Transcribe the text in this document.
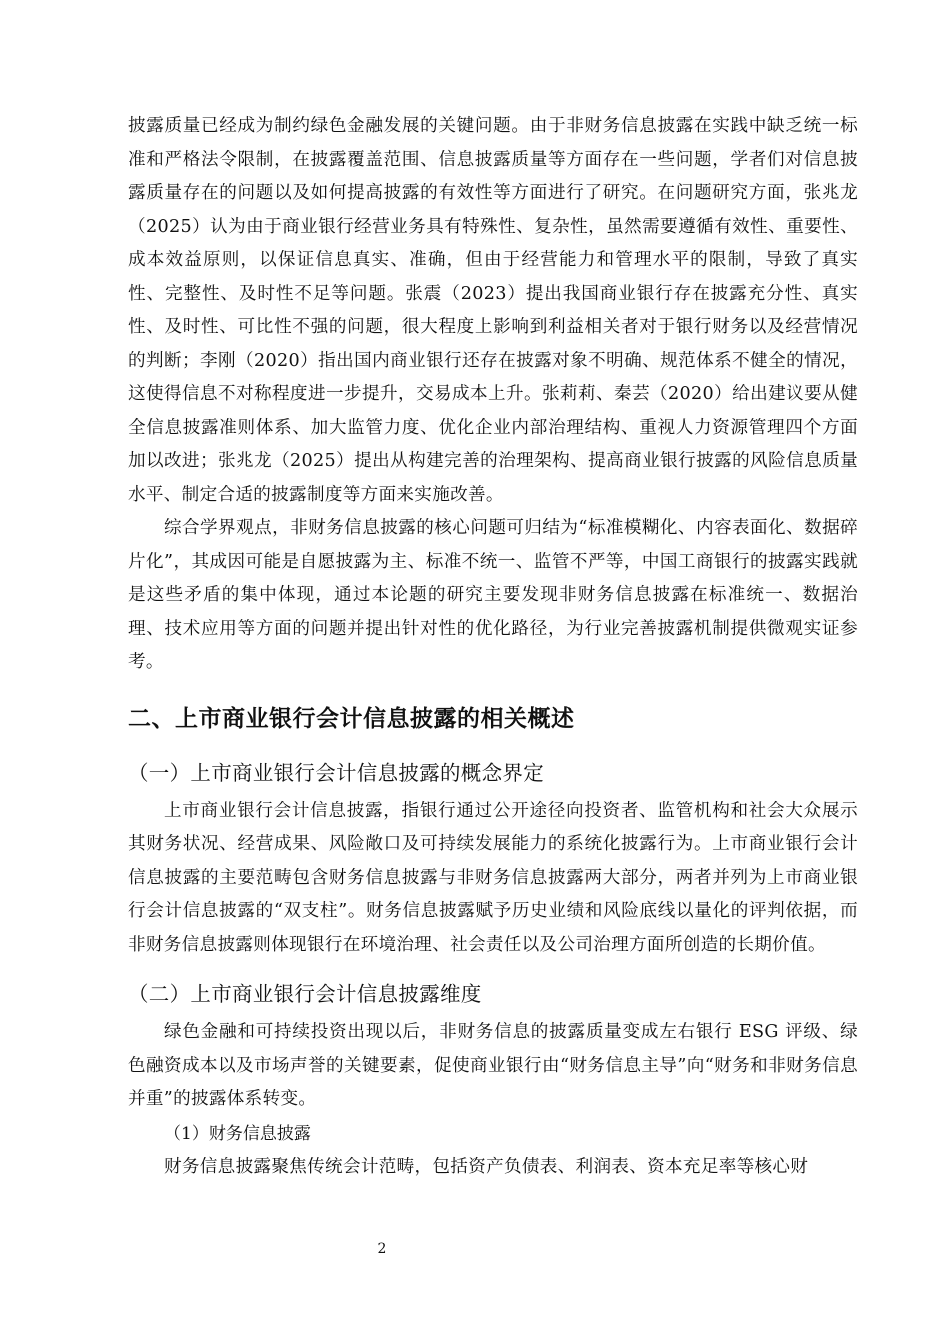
披露质量已经成为制约绿色金融发展的关键问题。由于非财务信息披露在实践中缺乏统一标准和严格法令限制，在披露覆盖范围、信息披露质量等方面存在一些问题，学者们对信息披露质量存在的问题以及如何提高披露的有效性等方面进行了研究。在问题研究方面，张兆龙（2025）认为由于商业银行经营业务具有特殊性、复杂性，虽然需要遵循有效性、重要性、成本效益原则，以保证信息真实、准确，但由于经营能力和管理水平的限制，导致了真实性、完整性、及时性不足等问题。张震（2023）提出我国商业银行存在披露充分性、真实性、及时性、可比性不强的问题，很大程度上影响到利益相关者对于银行财务以及经营情况的判断；李刚（2020）指出国内商业银行还存在披露对象不明确、规范体系不健全的情况，这使得信息不对称程度进一步提升，交易成本上升。张莉莉、秦芸（2020）给出建议要从健全信息披露准则体系、加大监管力度、优化企业内部治理结构、重视人力资源管理四个方面加以改进；张兆龙（2025）提出从构建完善的治理架构、提高商业银行披露的风险信息质量水平、制定合适的披露制度等方面来实施改善。

综合学界观点，非财务信息披露的核心问题可归结为“标准模糊化、内容表面化、数据碎片化”，其成因可能是自愿披露为主、标准不统一、监管不严等，中国工商银行的披露实践就是这些矛盾的集中体现，通过本论题的研究主要发现非财务信息披露在标准统一、数据治理、技术应用等方面的问题并提出针对性的优化路径，为行业完善披露机制提供微观实证参考。

二、上市商业银行会计信息披露的相关概述
（一）上市商业银行会计信息披露的概念界定

上市商业银行会计信息披露，指银行通过公开途径向投资者、监管机构和社会大众展示其财务状况、经营成果、风险敞口及可持续发展能力的系统化披露行为。上市商业银行会计信息披露的主要范畴包含财务信息披露与非财务信息披露两大部分，两者并列为上市商业银行会计信息披露的“双支柱”。财务信息披露赋予历史业绩和风险底线以量化的评判依据，而非财务信息披露则体现银行在环境治理、社会责任以及公司治理方面所创造的长期价值。

（二）上市商业银行会计信息披露维度

绿色金融和可持续投资出现以后，非财务信息的披露质量变成左右银行 ESG 评级、绿色融资成本以及市场声誉的关键要素，促使商业银行由“财务信息主导”向“财务和非财务信息并重”的披露体系转变。

（1）财务信息披露

财务信息披露聚焦传统会计范畴，包括资产负债表、利润表、资本充足率等核心财

2
